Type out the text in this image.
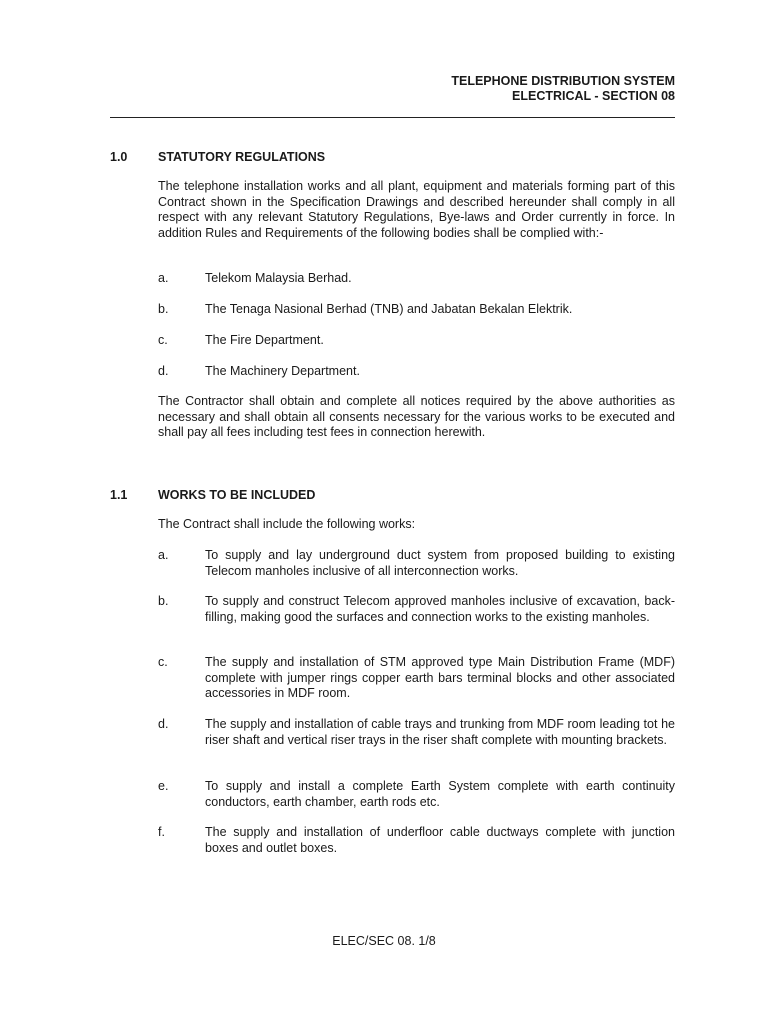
TELEPHONE DISTRIBUTION SYSTEM
ELECTRICAL - SECTION 08
1.0 STATUTORY REGULATIONS
The telephone installation works and all plant, equipment and materials forming part of this Contract shown in the Specification Drawings and described hereunder shall comply in all respect with any relevant Statutory Regulations, Bye-laws and Order currently in force. In addition Rules and Requirements of the following bodies shall be complied with:-
a.	Telekom Malaysia Berhad.
b.	The Tenaga Nasional Berhad (TNB) and Jabatan Bekalan Elektrik.
c.	The Fire Department.
d.	The Machinery Department.
The Contractor shall obtain and complete all notices required by the above authorities as necessary and shall obtain all consents necessary for the various works to be executed and shall pay all fees including test fees in connection herewith.
1.1 WORKS TO BE INCLUDED
The Contract shall include the following works:
a.	To supply and lay underground duct system from proposed building to existing Telecom manholes inclusive of all interconnection works.
b.	To supply and construct Telecom approved manholes inclusive of excavation, back-filling, making good the surfaces and connection works to the existing manholes.
c.	The supply and installation of STM approved type Main Distribution Frame (MDF) complete with jumper rings copper earth bars terminal blocks and other associated accessories in MDF room.
d.	The supply and installation of cable trays and trunking from MDF room leading tot he riser shaft and vertical riser trays in the riser shaft complete with mounting brackets.
e.	To supply and install a complete Earth System complete with earth continuity conductors, earth chamber, earth rods etc.
f.	The supply and installation of underfloor cable ductways complete with junction boxes and outlet boxes.
ELEC/SEC 08. 1/8
